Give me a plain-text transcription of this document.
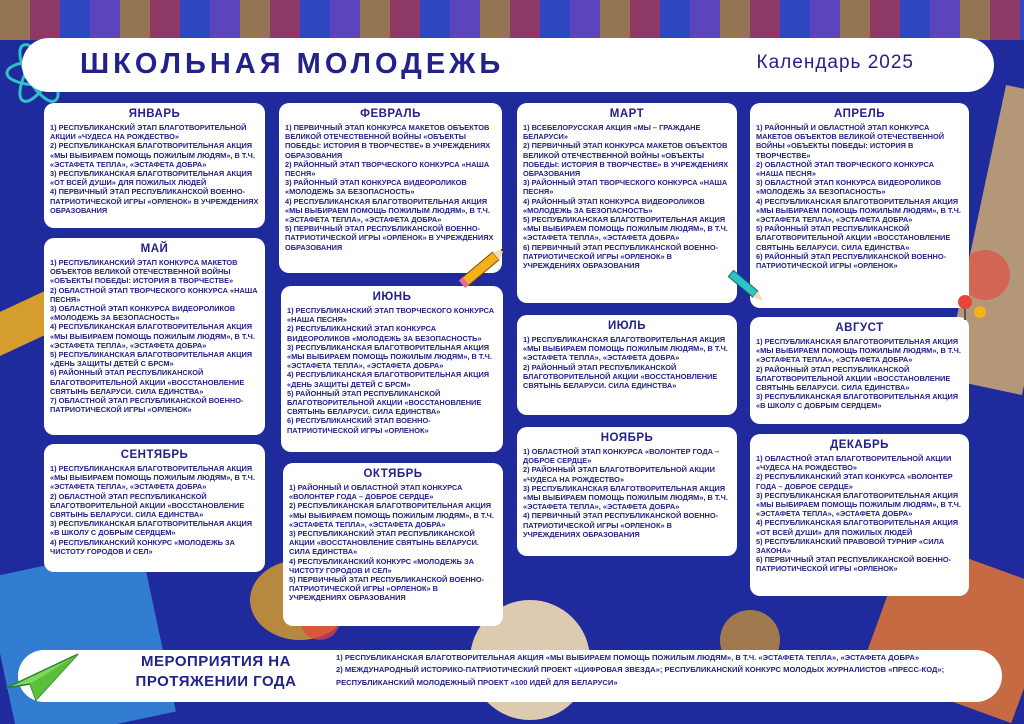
ШКОЛЬНАЯ МОЛОДЕЖЬ	Календарь 2025
ЯНВАРЬ
1) РЕСПУБЛИКАНСКИЙ ЭТАП БЛАГОТВОРИТЕЛЬНОЙ АКЦИИ «ЧУДЕСА НА РОЖДЕСТВО»
2) РЕСПУБЛИКАНСКАЯ БЛАГОТВОРИТЕЛЬНАЯ АКЦИЯ «МЫ ВЫБИРАЕМ ПОМОЩЬ ПОЖИЛЫМ ЛЮДЯМ», В Т.Ч. «ЭСТАФЕТА ТЕПЛА», «ЭСТАФЕТА ДОБРА»
3) РЕСПУБЛИКАНСКАЯ БЛАГОТВОРИТЕЛЬНАЯ АКЦИЯ «ОТ ВСЕЙ ДУШИ» ДЛЯ ПОЖИЛЫХ ЛЮДЕЙ
4) ПЕРВИЧНЫЙ ЭТАП РЕСПУБЛИКАНСКОЙ ВОЕННО-ПАТРИОТИЧЕСКОЙ ИГРЫ «ОРЛЕНОК» В УЧРЕЖДЕНИЯХ ОБРАЗОВАНИЯ
ФЕВРАЛЬ
1) ПЕРВИЧНЫЙ ЭТАП КОНКУРСА МАКЕТОВ ОБЪЕКТОВ ВЕЛИКОЙ ОТЕЧЕСТВЕННОЙ ВОЙНЫ «ОБЪЕКТЫ ПОБЕДЫ: ИСТОРИЯ В ТВОРЧЕСТВЕ» В УЧРЕЖДЕНИЯХ ОБРАЗОВАНИЯ
2) РАЙОННЫЙ ЭТАП ТВОРЧЕСКОГО КОНКУРСА «НАША ПЕСНЯ»
3) РАЙОННЫЙ ЭТАП КОНКУРСА ВИДЕОРОЛИКОВ «МОЛОДЕЖЬ ЗА БЕЗОПАСНОСТЬ»
4) РЕСПУБЛИКАНСКАЯ БЛАГОТВОРИТЕЛЬНАЯ АКЦИЯ «МЫ ВЫБИРАЕМ ПОМОЩЬ ПОЖИЛЫМ ЛЮДЯМ», В Т.Ч. «ЭСТАФЕТА ТЕПЛА», «ЭСТАФЕТА ДОБРА»
5) ПЕРВИЧНЫЙ ЭТАП РЕСПУБЛИКАНСКОЙ ВОЕННО-ПАТРИОТИЧЕСКОЙ ИГРЫ «ОРЛЁНОК» В УЧРЕЖДЕНИЯХ ОБРАЗОВАНИЯ
МАРТ
1) ВСЕБЕЛОРУССКАЯ АКЦИЯ «МЫ – ГРАЖДАНЕ БЕЛАРУСИ»
2) ПЕРВИЧНЫЙ ЭТАП КОНКУРСА МАКЕТОВ ОБЪЕКТОВ ВЕЛИКОЙ ОТЕЧЕСТВЕННОЙ ВОЙНЫ «ОБЪЕКТЫ ПОБЕДЫ: ИСТОРИЯ В ТВОРЧЕСТВЕ» В УЧРЕЖДЕНИЯХ ОБРАЗОВАНИЯ
3) РАЙОННЫЙ ЭТАП ТВОРЧЕСКОГО КОНКУРСА «НАША ПЕСНЯ»
4) РАЙОННЫЙ ЭТАП КОНКУРСА ВИДЕОРОЛИКОВ «МОЛОДЕЖЬ ЗА БЕЗОПАСНОСТЬ»
5) РЕСПУБЛИКАНСКАЯ БЛАГОТВОРИТЕЛЬНАЯ АКЦИЯ «МЫ ВЫБИРАЕМ ПОМОЩЬ ПОЖИЛЫМ ЛЮДЯМ», В Т.Ч. «ЭСТАФЕТА ТЕПЛА», «ЭСТАФЕТА ДОБРА»
6) ПЕРВИЧНЫЙ ЭТАП РЕСПУБЛИКАНСКОЙ ВОЕННО-ПАТРИОТИЧЕСКОЙ ИГРЫ «ОРЛЕНОК» В УЧРЕЖДЕНИЯХ ОБРАЗОВАНИЯ
АПРЕЛЬ
1) РАЙОННЫЙ И ОБЛАСТНОЙ ЭТАП КОНКУРСА МАКЕТОВ ОБЪЕКТОВ ВЕЛИКОЙ ОТЕЧЕСТВЕННОЙ ВОЙНЫ «ОБЪЕКТЫ ПОБЕДЫ: ИСТОРИЯ В ТВОРЧЕСТВЕ»
2) ОБЛАСТНОЙ ЭТАП ТВОРЧЕСКОГО КОНКУРСА «НАША ПЕСНЯ»
3) ОБЛАСТНОЙ ЭТАП КОНКУРСА ВИДЕОРОЛИКОВ «МОЛОДЕЖЬ ЗА БЕЗОПАСНОСТЬ»
4) РЕСПУБЛИКАНСКАЯ БЛАГОТВОРИТЕЛЬНАЯ АКЦИЯ «МЫ ВЫБИРАЕМ ПОМОЩЬ ПОЖИЛЫМ ЛЮДЯМ», В Т.Ч. «ЭСТАФЕТА ТЕПЛА», «ЭСТАФЕТА ДОБРА»
5) РАЙОННЫЙ ЭТАП РЕСПУБЛИКАНСКОЙ БЛАГОТВОРИТЕЛЬНОЙ АКЦИИ «ВОССТАНОВЛЕНИЕ СВЯТЫНЬ БЕЛАРУСИ. СИЛА ЕДИНСТВА»
6) РАЙОННЫЙ ЭТАП РЕСПУБЛИКАНСКОЙ ВОЕННО-ПАТРИОТИЧЕСКОЙ ИГРЫ «ОРЛЕНОК»
МАЙ
1) РЕСПУБЛИКАНСКИЙ ЭТАП КОНКУРСА МАКЕТОВ ОБЪЕКТОВ ВЕЛИКОЙ ОТЕЧЕСТВЕННОЙ ВОЙНЫ «ОБЪЕКТЫ ПОБЕДЫ: ИСТОРИЯ В ТВОРЧЕСТВЕ»
2) ОБЛАСТНОЙ ЭТАП ТВОРЧЕСКОГО КОНКУРСА «НАША ПЕСНЯ»
3) ОБЛАСТНОЙ ЭТАП КОНКУРСА ВИДЕОРОЛИКОВ «МОЛОДЕЖЬ ЗА БЕЗОПАСНОСТЬ»
4) РЕСПУБЛИКАНСКАЯ БЛАГОТВОРИТЕЛЬНАЯ АКЦИЯ «МЫ ВЫБИРАЕМ ПОМОЩЬ ПОЖИЛЫМ ЛЮДЯМ», В Т.Ч. «ЭСТАФЕТА ТЕПЛА», «ЭСТАФЕТА ДОБРА»
5) РЕСПУБЛИКАНСКАЯ БЛАГОТВОРИТЕЛЬНАЯ АКЦИЯ «ДЕНЬ ЗАЩИТЫ ДЕТЕЙ С БРСМ»
6) РАЙОННЫЙ ЭТАП РЕСПУБЛИКАНСКОЙ БЛАГОТВОРИТЕЛЬНОЙ АКЦИИ «ВОССТАНОВЛЕНИЕ СВЯТЫНЬ БЕЛАРУСИ. СИЛА ЕДИНСТВА»
7) ОБЛАСТНОЙ ЭТАП РЕСПУБЛИКАНСКОЙ ВОЕННО-ПАТРИОТИЧЕСКОЙ ИГРЫ «ОРЛЕНОК»
ИЮНЬ
1) РЕСПУБЛИКАНСКИЙ ЭТАП ТВОРЧЕСКОГО КОНКУРСА «НАША ПЕСНЯ»
2) РЕСПУБЛИКАНСКИЙ ЭТАП КОНКУРСА ВИДЕОРОЛИКОВ «МОЛОДЕЖЬ ЗА БЕЗОПАСНОСТЬ»
3) РЕСПУБЛИКАНСКАЯ БЛАГОТВОРИТЕЛЬНАЯ АКЦИЯ «МЫ ВЫБИРАЕМ ПОМОЩЬ ПОЖИЛЫМ ЛЮДЯМ», В Т.Ч. «ЭСТАФЕТА ТЕПЛА», «ЭСТАФЕТА ДОБРА»
4) РЕСПУБЛИКАНСКАЯ БЛАГОТВОРИТЕЛЬНАЯ АКЦИЯ «ДЕНЬ ЗАЩИТЫ ДЕТЕЙ С БРСМ»
5) РАЙОННЫЙ ЭТАП РЕСПУБЛИКАНСКОЙ БЛАГОТВОРИТЕЛЬНОЙ АКЦИИ «ВОССТАНОВЛЕНИЕ СВЯТЫНЬ БЕЛАРУСИ. СИЛА ЕДИНСТВА»
6) РЕСПУБЛИКАНСКИЙ ЭТАП ВОЕННО-ПАТРИОТИЧЕСКОЙ ИГРЫ «ОРЛЕНОК»
ИЮЛЬ
1) РЕСПУБЛИКАНСКАЯ БЛАГОТВОРИТЕЛЬНАЯ АКЦИЯ «МЫ ВЫБИРАЕМ ПОМОЩЬ ПОЖИЛЫМ ЛЮДЯМ», В Т.Ч. «ЭСТАФЕТА ТЕПЛА», «ЭСТАФЕТА ДОБРА»
2) РАЙОННЫЙ ЭТАП РЕСПУБЛИКАНСКОЙ БЛАГОТВОРИТЕЛЬНОЙ АКЦИИ «ВОССТАНОВЛЕНИЕ СВЯТЫНЬ БЕЛАРУСИ. СИЛА ЕДИНСТВА»
АВГУСТ
1) РЕСПУБЛИКАНСКАЯ БЛАГОТВОРИТЕЛЬНАЯ АКЦИЯ «МЫ ВЫБИРАЕМ ПОМОЩЬ ПОЖИЛЫМ ЛЮДЯМ», В Т.Ч. «ЭСТАФЕТА ТЕПЛА», «ЭСТАФЕТА ДОБРА»
2) РАЙОННЫЙ ЭТАП РЕСПУБЛИКАНСКОЙ БЛАГОТВОРИТЕЛЬНОЙ АКЦИИ «ВОССТАНОВЛЕНИЕ СВЯТЫНЬ БЕЛАРУСИ. СИЛА ЕДИНСТВА»
3) РЕСПУБЛИКАНСКАЯ БЛАГОТВОРИТЕЛЬНАЯ АКЦИЯ «В ШКОЛУ С ДОБРЫМ СЕРДЦЕМ»
СЕНТЯБРЬ
1) РЕСПУБЛИКАНСКАЯ БЛАГОТВОРИТЕЛЬНАЯ АКЦИЯ «МЫ ВЫБИРАЕМ ПОМОЩЬ ПОЖИЛЫМ ЛЮДЯМ», В Т.Ч. «ЭСТАФЕТА ТЕПЛА», «ЭСТАФЕТА ДОБРА»
2) ОБЛАСТНОЙ ЭТАП РЕСПУБЛИКАНСКОЙ БЛАГОТВОРИТЕЛЬНОЙ АКЦИИ «ВОССТАНОВЛЕНИЕ СВЯТЫНЬ БЕЛАРУСИ. СИЛА ЕДИНСТВА»
3) РЕСПУБЛИКАНСКАЯ БЛАГОТВОРИТЕЛЬНАЯ АКЦИЯ «В ШКОЛУ С ДОБРЫМ СЕРДЦЕМ»
4) РЕСПУБЛИКАНСКИЙ КОНКУРС «МОЛОДЕЖЬ ЗА ЧИСТОТУ ГОРОДОВ И СЕЛ»
ОКТЯБРЬ
1) РАЙОННЫЙ И ОБЛАСТНОЙ ЭТАП КОНКУРСА «ВОЛОНТЕР ГОДА – ДОБРОЕ СЕРДЦЕ»
2) РЕСПУБЛИКАНСКАЯ БЛАГОТВОРИТЕЛЬНАЯ АКЦИЯ «МЫ ВЫБИРАЕМ ПОМОЩЬ ПОЖИЛЫМ ЛЮДЯМ», В Т.Ч. «ЭСТАФЕТА ТЕПЛА», «ЭСТАФЕТА ДОБРА»
3) РЕСПУБЛИКАНСКИЙ ЭТАП РЕСПУБЛИКАНСКОЙ АКЦИИ «ВОССТАНОВЛЕНИЕ СВЯТЫНЬ БЕЛАРУСИ. СИЛА ЕДИНСТВА»
4) РЕСПУБЛИКАНСКИЙ КОНКУРС «МОЛОДЕЖЬ ЗА ЧИСТОТУ ГОРОДОВ И СЕЛ»
5) ПЕРВИЧНЫЙ ЭТАП РЕСПУБЛИКАНСКОЙ ВОЕННО-ПАТРИОТИЧЕСКОЙ ИГРЫ «ОРЛЕНОК» В УЧРЕЖДЕНИЯХ ОБРАЗОВАНИЯ
НОЯБРЬ
1) ОБЛАСТНОЙ ЭТАП КОНКУРСА «ВОЛОНТЕР ГОДА – ДОБРОЕ СЕРДЦЕ»
2) РАЙОННЫЙ ЭТАП БЛАГОТВОРИТЕЛЬНОЙ АКЦИИ «ЧУДЕСА НА РОЖДЕСТВО»
3) РЕСПУБЛИКАНСКАЯ БЛАГОТВОРИТЕЛЬНАЯ АКЦИЯ «МЫ ВЫБИРАЕМ ПОМОЩЬ ПОЖИЛЫМ ЛЮДЯМ», В Т.Ч. «ЭСТАФЕТА ТЕПЛА», «ЭСТАФЕТА ДОБРА»
4) ПЕРВИЧНЫЙ ЭТАП РЕСПУБЛИКАНСКОЙ ВОЕННО-ПАТРИОТИЧЕСКОЙ ИГРЫ «ОРЛЕНОК» В УЧРЕЖДЕНИЯХ ОБРАЗОВАНИЯ
ДЕКАБРЬ
1) ОБЛАСТНОЙ ЭТАП БЛАГОТВОРИТЕЛЬНОЙ АКЦИИ «ЧУДЕСА НА РОЖДЕСТВО»
2) РЕСПУБЛИКАНСКИЙ ЭТАП КОНКУРСА «ВОЛОНТЕР ГОДА – ДОБРОЕ СЕРДЦЕ»
3) РЕСПУБЛИКАНСКАЯ БЛАГОТВОРИТЕЛЬНАЯ АКЦИЯ «МЫ ВЫБИРАЕМ ПОМОЩЬ ПОЖИЛЫМ ЛЮДЯМ», В Т.Ч. «ЭСТАФЕТА ТЕПЛА», «ЭСТАФЕТА ДОБРА»
4) РЕСПУБЛИКАНСКАЯ БЛАГОТВОРИТЕЛЬНАЯ АКЦИЯ «ОТ ВСЕЙ ДУШИ» ДЛЯ ПОЖИЛЫХ ЛЮДЕЙ
5) РЕСПУБЛИКАНСКИЙ ПРАВОВОЙ ТУРНИР «СИЛА ЗАКОНА»
6) ПЕРВИЧНЫЙ ЭТАП РЕСПУБЛИКАНСКОЙ ВОЕННО-ПАТРИОТИЧЕСКОЙ ИГРЫ «ОРЛЕНОК»
МЕРОПРИЯТИЯ НА ПРОТЯЖЕНИИ ГОДА
1) РЕСПУБЛИКАНСКАЯ БЛАГОТВОРИТЕЛЬНАЯ АКЦИЯ «МЫ ВЫБИРАЕМ ПОМОЩЬ ПОЖИЛЫМ ЛЮДЯМ», В Т.Ч. «ЭСТАФЕТА ТЕПЛА», «ЭСТАФЕТА ДОБРА»
2) МЕЖДУНАРОДНЫЙ ИСТОРИКО-ПАТРИОТИЧЕСКИЙ ПРОЕКТ «ЦИФРОВАЯ ЗВЕЗДА»; РЕСПУБЛИКАНСКИЙ КОНКУРС МОЛОДЫХ ЖУРНАЛИСТОВ «ПРЕСС-КОД»; РЕСПУБЛИКАНСКИЙ МОЛОДЕЖНЫЙ ПРОЕКТ «100 ИДЕЙ ДЛЯ БЕЛАРУСИ»
